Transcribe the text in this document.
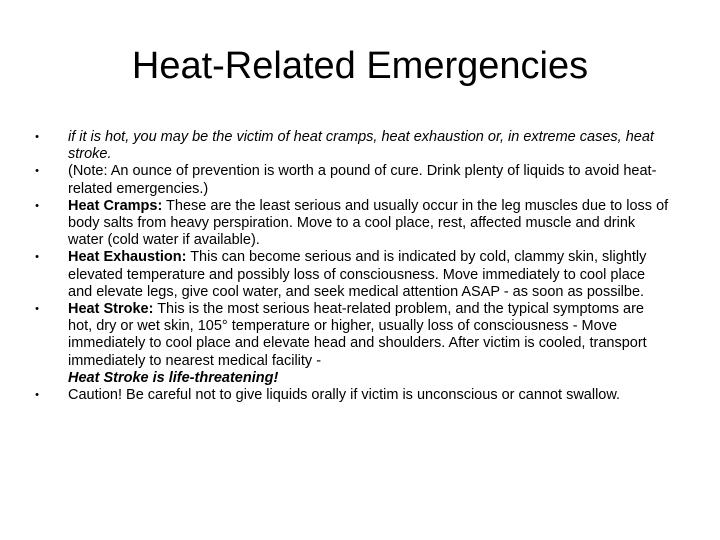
Heat-Related Emergencies
• if it is hot, you may be the victim of heat cramps, heat exhaustion or, in extreme cases, heat stroke.
• (Note: An ounce of prevention is worth a pound of cure. Drink plenty of liquids to avoid heat-related emergencies.)
• Heat Cramps: These are the least serious and usually occur in the leg muscles due to loss of body salts from heavy perspiration. Move to a cool place, rest, affected muscle and drink water (cold water if available).
• Heat Exhaustion: This can become serious and is indicated by cold, clammy skin, slightly elevated temperature and possibly loss of consciousness. Move immediately to cool place and elevate legs, give cool water, and seek medical attention ASAP - as soon as possilbe.
• Heat Stroke: This is the most serious heat-related problem, and the typical symptoms are hot, dry or wet skin, 105° temperature or higher, usually loss of consciousness - Move immediately to cool place and elevate head and shoulders. After victim is cooled, transport immediately to nearest medical facility -
Heat Stroke is life-threatening!
• Caution! Be careful not to give liquids orally if victim is unconscious or cannot swallow.
